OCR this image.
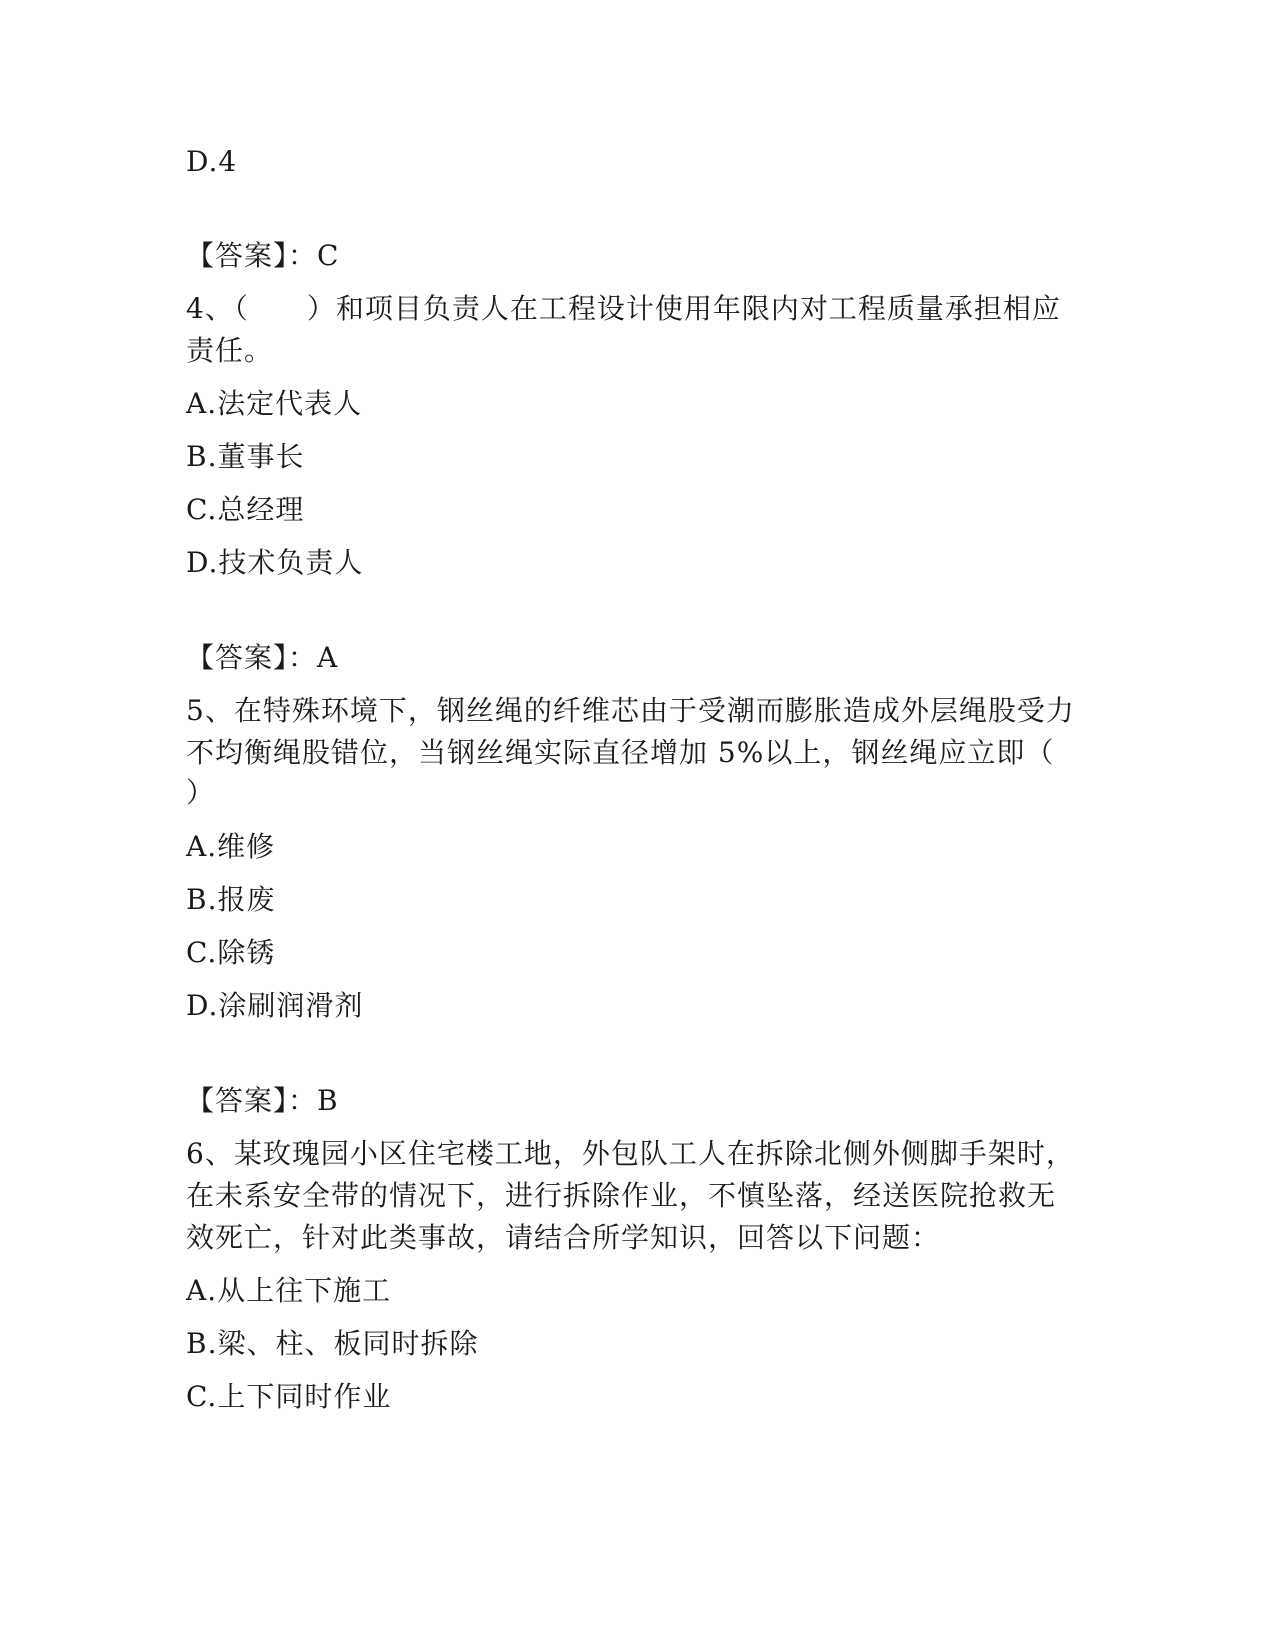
D.4
【答案】：C
4、（　　）和项目负责人在工程设计使用年限内对工程质量承担相应
责任。
A.法定代表人
B.董事长
C.总经理
D.技术负责人
【答案】：A
5、在特殊环境下，钢丝绳的纤维芯由于受潮而膨胀造成外层绳股受力
不均衡绳股错位，当钢丝绳实际直径增加 5%以上，钢丝绳应立即（
）
A.维修
B.报废
C.除锈
D.涂刷润滑剂
【答案】：B
6、某玫瑰园小区住宅楼工地，外包队工人在拆除北侧外侧脚手架时，
在未系安全带的情况下，进行拆除作业，不慎坠落，经送医院抢救无
效死亡，针对此类事故，请结合所学知识，回答以下问题：
A.从上往下施工
B.梁、柱、板同时拆除
C.上下同时作业
